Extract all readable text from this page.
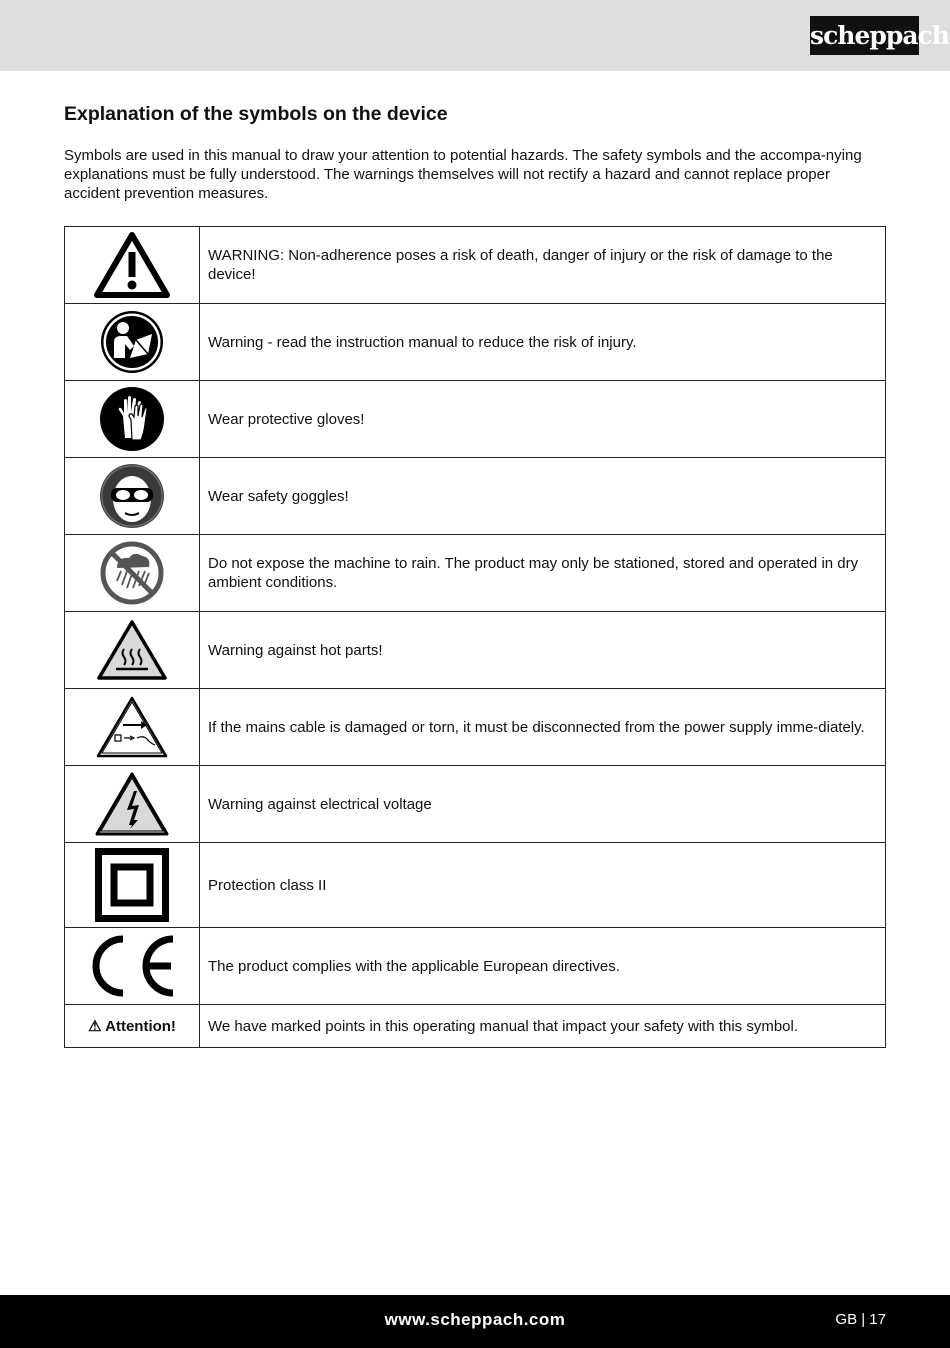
scheppach
Explanation of the symbols on the device

Symbols are used in this manual to draw your attention to potential hazards. The safety symbols and the accompa-nying explanations must be fully understood. The warnings themselves will not rectify a hazard and cannot replace proper accident prevention measures.

	WARNING: Non-adherence poses a risk of death, danger of injury or the risk of damage to the device!

	Warning - read the instruction manual to reduce the risk of injury.

	Wear protective gloves!

	Wear safety goggles!

	Do not expose the machine to rain. The product may only be stationed, stored and operated in dry ambient conditions.

	Warning against hot parts!

	If the mains cable is damaged or torn, it must be disconnected from the power supply imme-diately.

	Warning against electrical voltage

	Protection class II

	The product complies with the applicable European directives.
⚠ Attention!	We have marked points in this operating manual that impact your safety with this symbol.
www.scheppach.com	GB | 17
